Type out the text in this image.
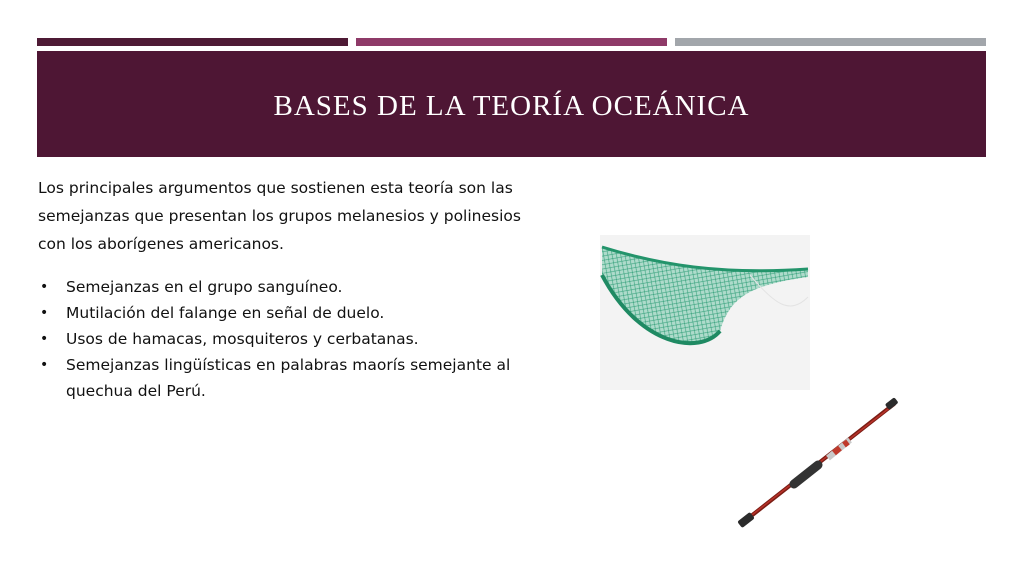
BASES DE LA TEORÍA OCEÁNICA

Los principales argumentos que sostienen esta teoría son las semejanzas que presentan los grupos melanesios y polinesios con los aborígenes americanos.

• Semejanzas en el grupo sanguíneo.
• Mutilación del falange en señal de duelo.
• Usos de hamacas, mosquiteros y cerbatanas.
• Semejanzas lingüísticas en palabras maorís semejante al quechua del Perú.
